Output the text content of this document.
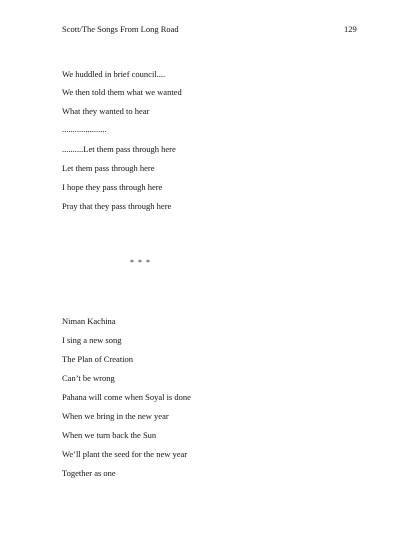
Scott/The Songs From Long Road	129
We huddled in brief council....
We then told them what we wanted
What they wanted to hear
.....................
..........Let them pass through here
Let them pass through here
I hope they pass through here
Pray that they pass through here
* * *
Niman Kachina
I sing a new song
The Plan of Creation
Can’t be wrong
Pahana will come when Soyal is done
When we bring in the new year
When we turn back the Sun
We’ll plant the seed for the new year
Together as one
